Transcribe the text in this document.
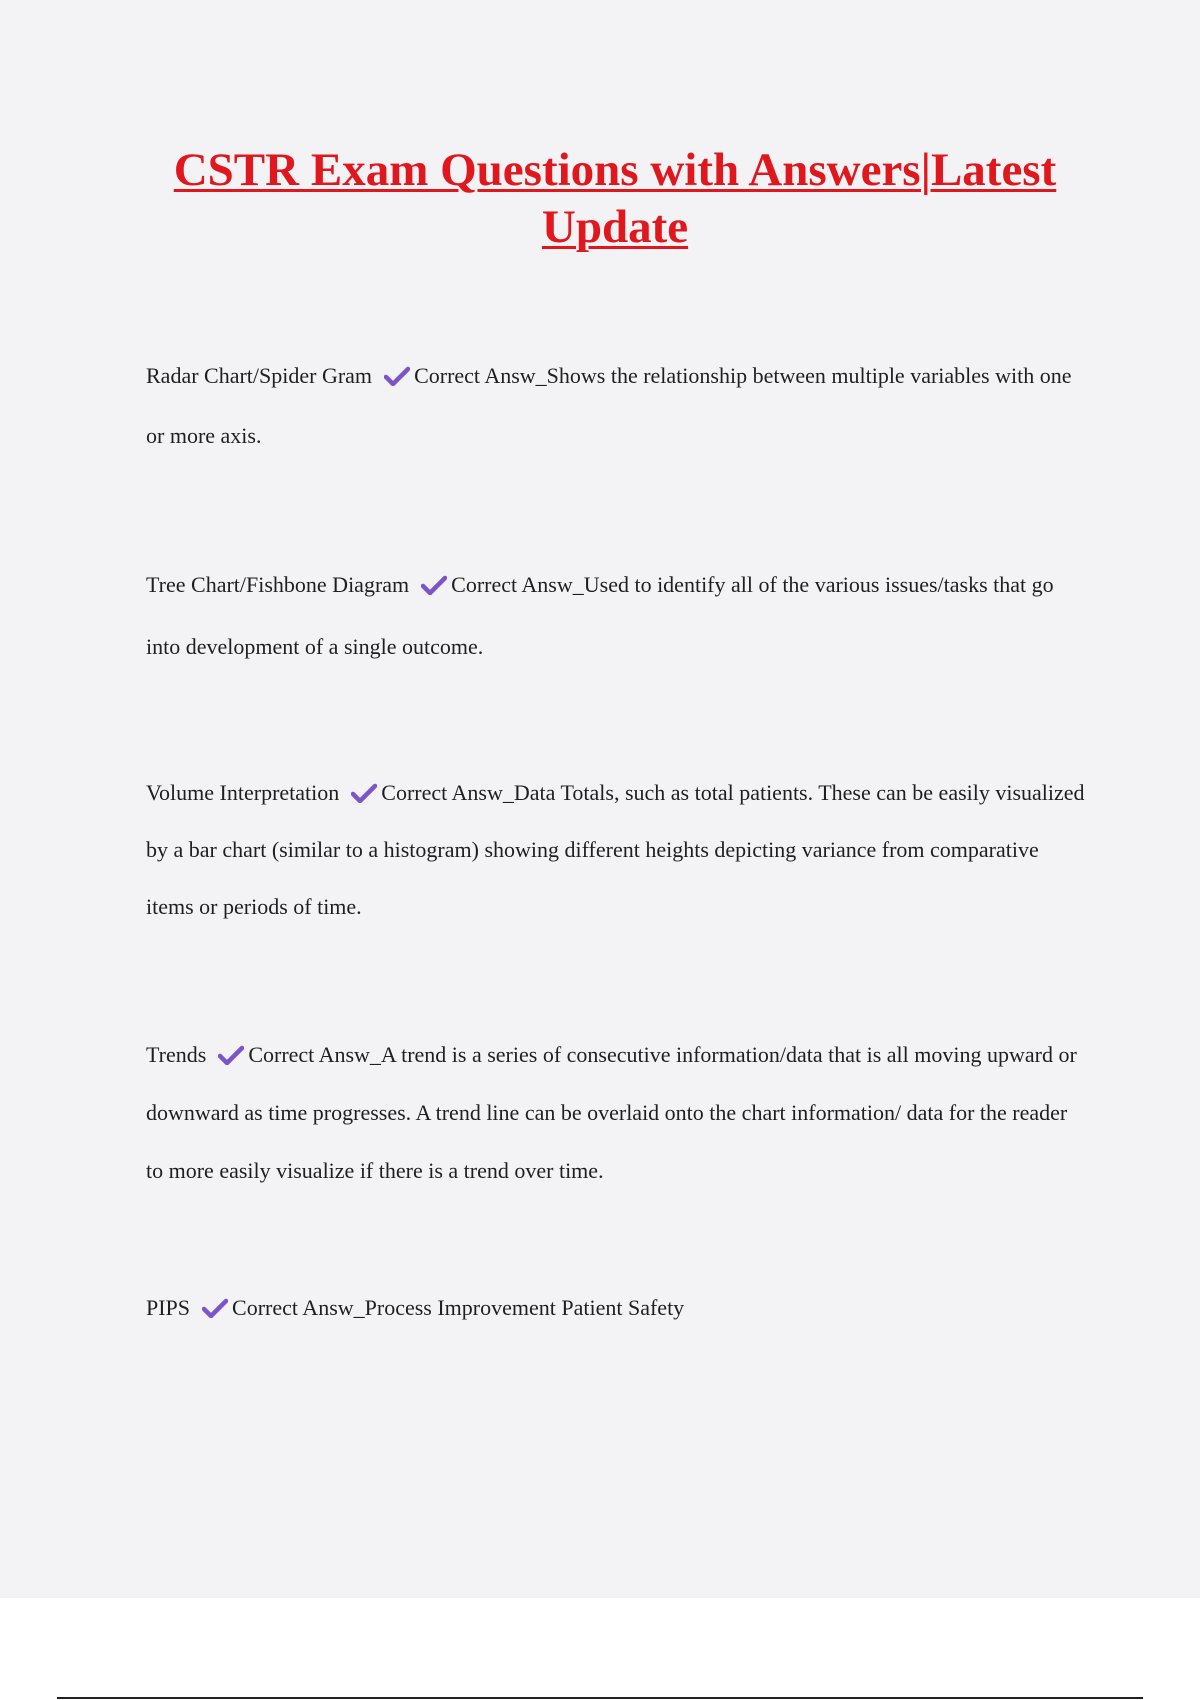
CSTR Exam Questions with Answers|Latest Update

Radar Chart/Spider Gram Correct Answ_Shows the relationship between multiple variables with one or more axis.

Tree Chart/Fishbone Diagram Correct Answ_Used to identify all of the various issues/tasks that go into development of a single outcome.

Volume Interpretation Correct Answ_Data Totals, such as total patients. These can be easily visualized by a bar chart (similar to a histogram) showing different heights depicting variance from comparative items or periods of time.

Trends Correct Answ_A trend is a series of consecutive information/data that is all moving upward or downward as time progresses. A trend line can be overlaid onto the chart information/ data for the reader to more easily visualize if there is a trend over time.

PIPS Correct Answ_Process Improvement Patient Safety
